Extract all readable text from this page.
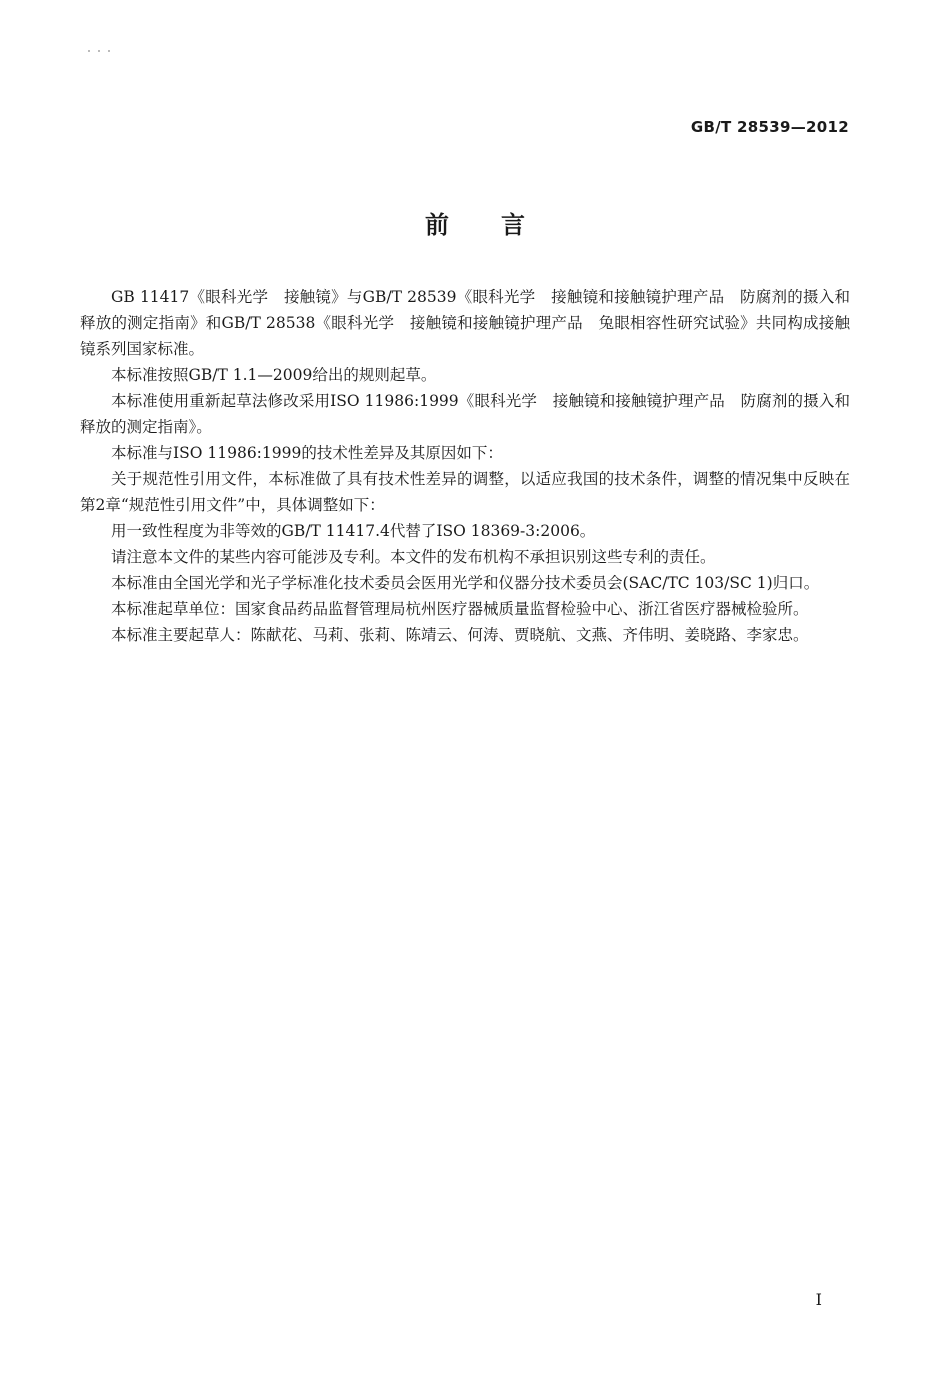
GB/T 28539—2012
前言

GB 11417《眼科光学　接触镜》与GB/T 28539《眼科光学　接触镜和接触镜护理产品　防腐剂的摄入和释放的测定指南》和GB/T 28538《眼科光学　接触镜和接触镜护理产品　兔眼相容性研究试验》共同构成接触镜系列国家标准。

本标准按照GB/T 1.1—2009给出的规则起草。

本标准使用重新起草法修改采用ISO 11986:1999《眼科光学　接触镜和接触镜护理产品　防腐剂的摄入和释放的测定指南》。

本标准与ISO 11986:1999的技术性差异及其原因如下：

关于规范性引用文件，本标准做了具有技术性差异的调整，以适应我国的技术条件，调整的情况集中反映在第2章“规范性引用文件”中，具体调整如下：

用一致性程度为非等效的GB/T 11417.4代替了ISO 18369-3:2006。

请注意本文件的某些内容可能涉及专利。本文件的发布机构不承担识别这些专利的责任。

本标准由全国光学和光子学标准化技术委员会医用光学和仪器分技术委员会(SAC/TC 103/SC 1)归口。

本标准起草单位：国家食品药品监督管理局杭州医疗器械质量监督检验中心、浙江省医疗器械检验所。

本标准主要起草人：陈献花、马莉、张莉、陈靖云、何涛、贾晓航、文燕、齐伟明、姜晓路、李家忠。

I
